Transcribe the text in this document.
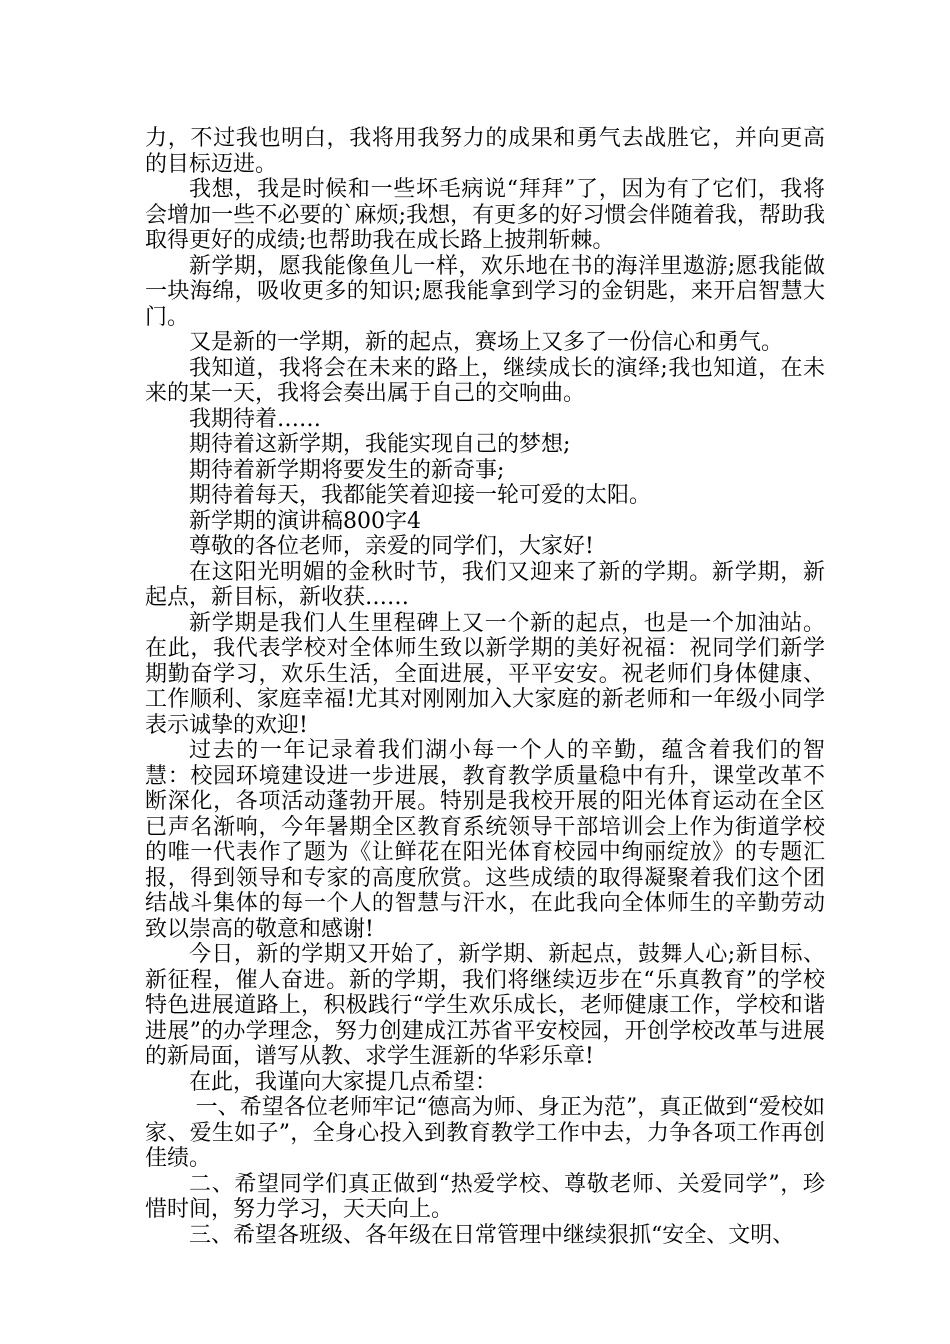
力，不过我也明白，我将用我努力的成果和勇气去战胜它，并向更高的目标迈进。

我想，我是时候和一些坏毛病说“拜拜”了，因为有了它们，我将会增加一些不必要的`麻烦;我想，有更多的好习惯会伴随着我，帮助我取得更好的成绩;也帮助我在成长路上披荆斩棘。

新学期，愿我能像鱼儿一样，欢乐地在书的海洋里遨游;愿我能做一块海绵，吸收更多的知识;愿我能拿到学习的金钥匙，来开启智慧大门。

又是新的一学期，新的起点，赛场上又多了一份信心和勇气。

我知道，我将会在未来的路上，继续成长的演绎;我也知道，在未来的某一天，我将会奏出属于自己的交响曲。

我期待着……

期待着这新学期，我能实现自己的梦想;

期待着新学期将要发生的新奇事;

期待着每天，我都能笑着迎接一轮可爱的太阳。

新学期的演讲稿800字4

尊敬的各位老师，亲爱的同学们，大家好!

在这阳光明媚的金秋时节，我们又迎来了新的学期。新学期，新起点，新目标，新收获……

新学期是我们人生里程碑上又一个新的起点，也是一个加油站。在此，我代表学校对全体师生致以新学期的美好祝福：祝同学们新学期勤奋学习，欢乐生活，全面进展，平平安安。祝老师们身体健康、工作顺利、家庭幸福!尤其对刚刚加入大家庭的新老师和一年级小同学表示诚挚的欢迎!

过去的一年记录着我们湖小每一个人的辛勤，蕴含着我们的智慧：校园环境建设进一步进展，教育教学质量稳中有升，课堂改革不断深化，各项活动蓬勃开展。特别是我校开展的阳光体育运动在全区已声名渐响，今年暑期全区教育系统领导干部培训会上作为街道学校的唯一代表作了题为《让鲜花在阳光体育校园中绚丽绽放》的专题汇报，得到领导和专家的高度欣赏。这些成绩的取得凝聚着我们这个团结战斗集体的每一个人的智慧与汗水，在此我向全体师生的辛勤劳动致以崇高的敬意和感谢!

今日，新的学期又开始了，新学期、新起点，鼓舞人心;新目标、新征程，催人奋进。新的学期，我们将继续迈步在“乐真教育”的学校特色进展道路上，积极践行“学生欢乐成长，老师健康工作，学校和谐进展”的办学理念，努力创建成江苏省平安校园，开创学校改革与进展的新局面，谱写从教、求学生涯新的华彩乐章!

在此，我谨向大家提几点希望：

一、希望各位老师牢记“德高为师、身正为范”，真正做到“爱校如家、爱生如子”，全身心投入到教育教学工作中去，力争各项工作再创佳绩。

二、希望同学们真正做到“热爱学校、尊敬老师、关爱同学”，珍惜时间，努力学习，天天向上。

三、希望各班级、各年级在日常管理中继续狠抓“安全、文明、
